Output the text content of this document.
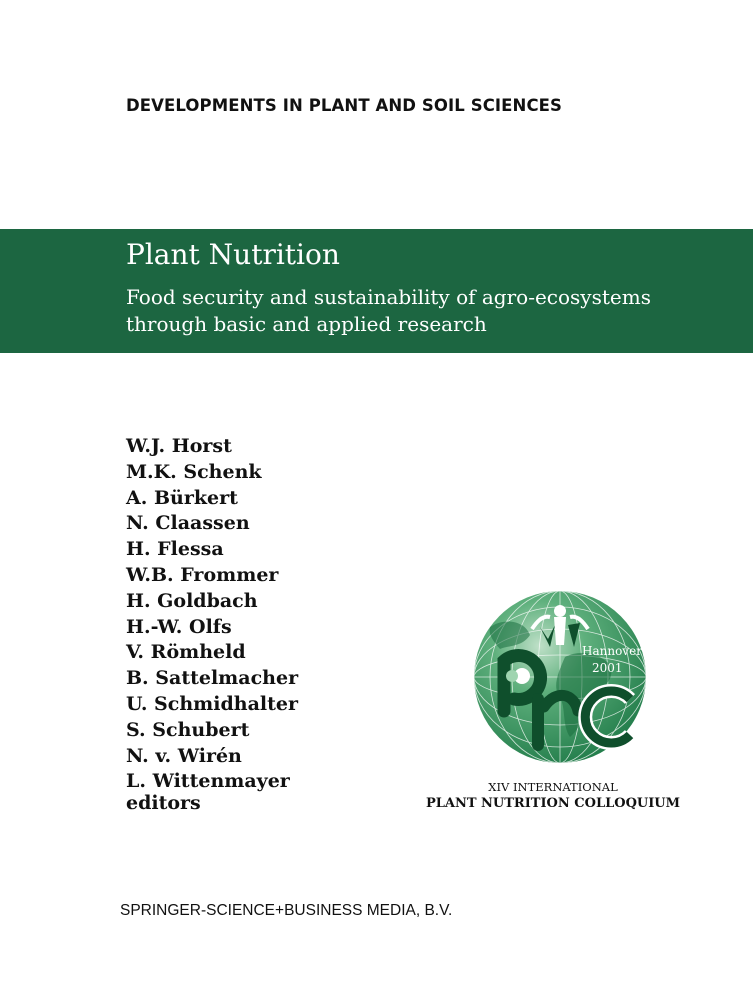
DEVELOPMENTS IN PLANT AND SOIL SCIENCES
Plant Nutrition
Food security and sustainability of agro-ecosystems
through basic and applied research
W.J. Horst
M.K. Schenk
A. Bürkert
N. Claassen
H. Flessa
W.B. Frommer
H. Goldbach
H.-W. Olfs
V. Römheld
B. Sattelmacher
U. Schmidhalter
S. Schubert
N. v. Wirén
L. Wittenmayer
editors
Hannover
2001
XIV INTERNATIONAL
PLANT NUTRITION COLLOQUIUM
SPRINGER-SCIENCE+BUSINESS MEDIA, B.V.
